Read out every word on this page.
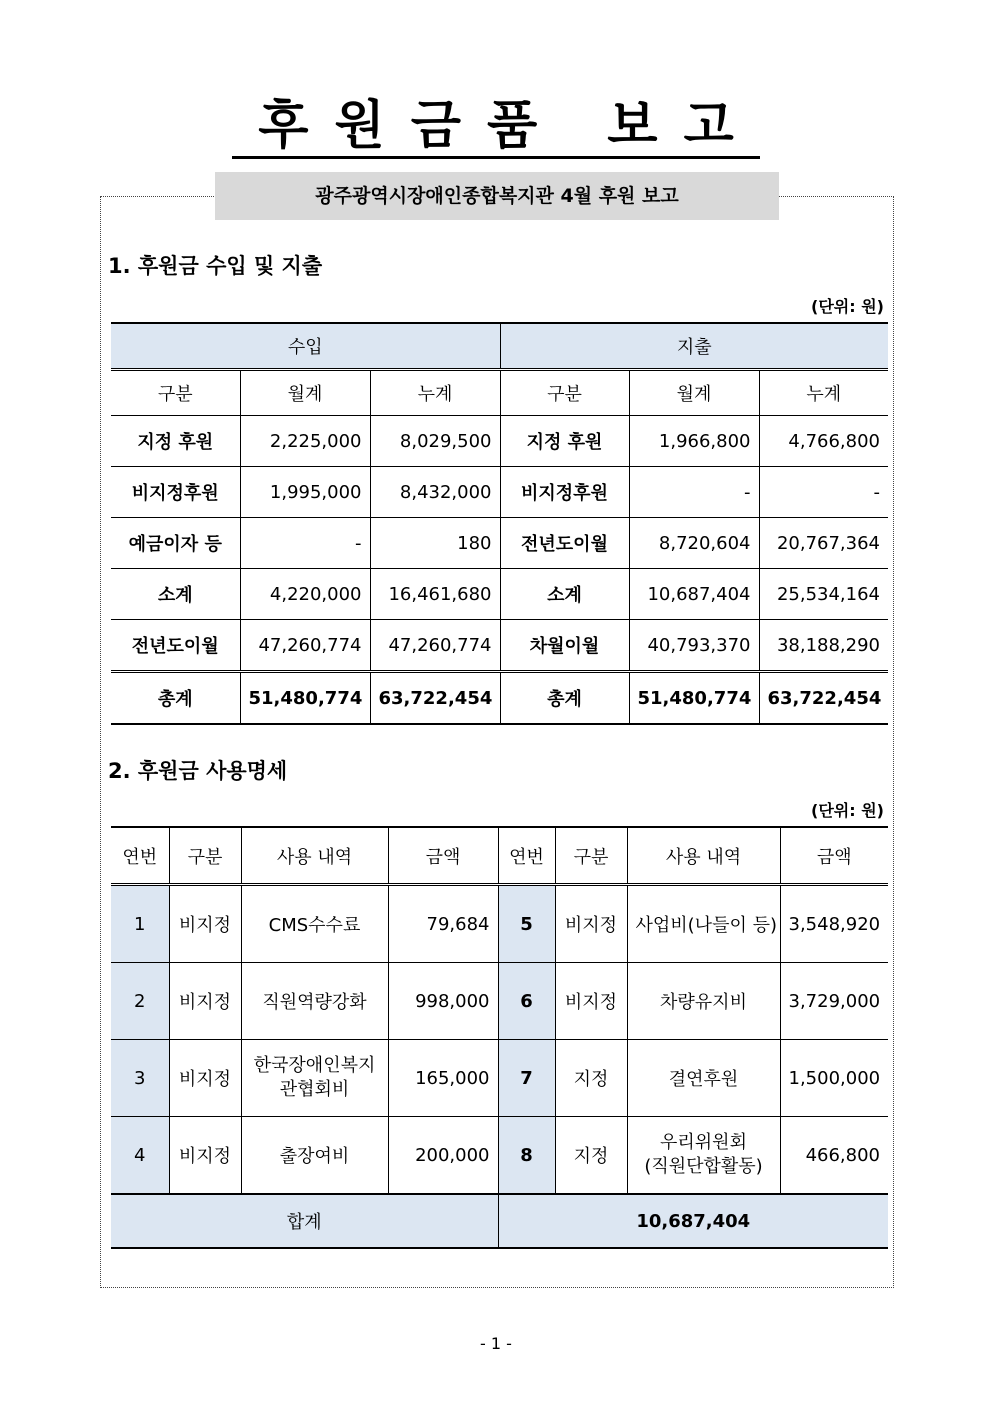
후원금품 보고
광주광역시장애인종합복지관 4월 후원 보고
1. 후원금 수입 및 지출
(단위: 원)
수입			지출		
구분	월계	누계	구분	월계	누계
지정 후원	2,225,000	8,029,500	지정 후원	1,966,800	4,766,800
비지정후원	1,995,000	8,432,000	비지정후원	-	-
예금이자 등	-	180	전년도이월	8,720,604	20,767,364
소계	4,220,000	16,461,680	소계	10,687,404	25,534,164
전년도이월	47,260,774	47,260,774	차월이월	40,793,370	38,188,290
총계	51,480,774	63,722,454	총계	51,480,774	63,722,454
2. 후원금 사용명세
(단위: 원)
연번	구분	사용 내역	금액	연번	구분	사용 내역	금액
1	비지정	CMS수수료	79,684	5	비지정	사업비(나들이 등)	3,548,920
2	비지정	직원역량강화	998,000	6	비지정	차량유지비	3,729,000
3	비지정	한국장애인복지
관협회비	165,000	7	지정	결연후원	1,500,000
4	비지정	출장여비	200,000	8	지정	우리위원회
(직원단합활동)	466,800
합계				10,687,404			
- 1 -
